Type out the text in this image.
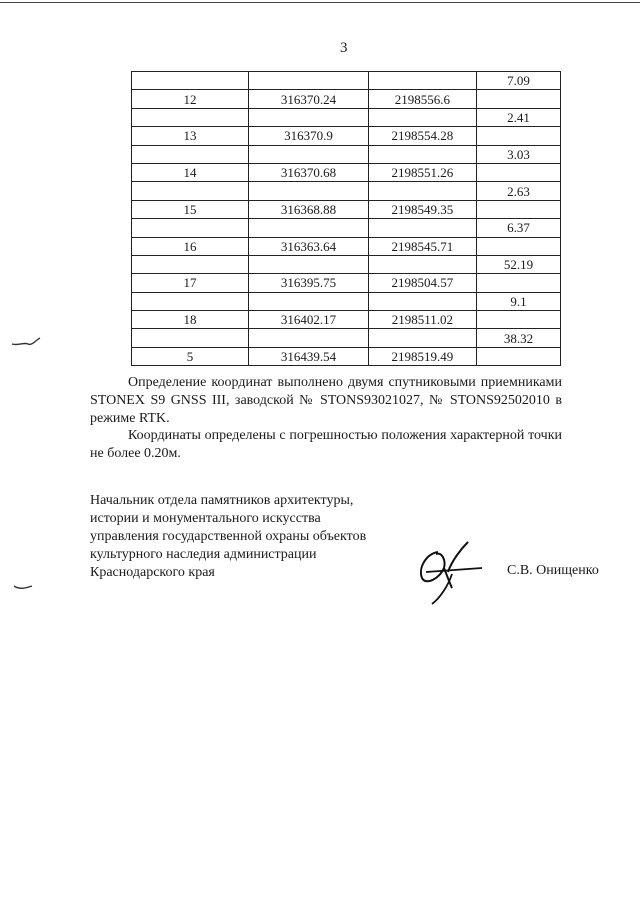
3
			7.09
12	316370.24	2198556.6	
			2.41
13	316370.9	2198554.28	
			3.03
14	316370.68	2198551.26	
			2.63
15	316368.88	2198549.35	
			6.37
16	316363.64	2198545.71	
			52.19
17	316395.75	2198504.57	
			9.1
18	316402.17	2198511.02	
			38.32
5	316439.54	2198519.49	
Определение координат выполнено двумя спутниковыми приемниками STONEX S9 GNSS III, заводской № STONS93021027, № STONS92502010 в режиме RTK.
Координаты определены с погрешностью положения характерной точки не более 0.20м.
Начальник отдела памятников архитектуры,
истории и монументального искусства
управления государственной охраны объектов
культурного наследия администрации
Краснодарского края	С.В. Онищенко
